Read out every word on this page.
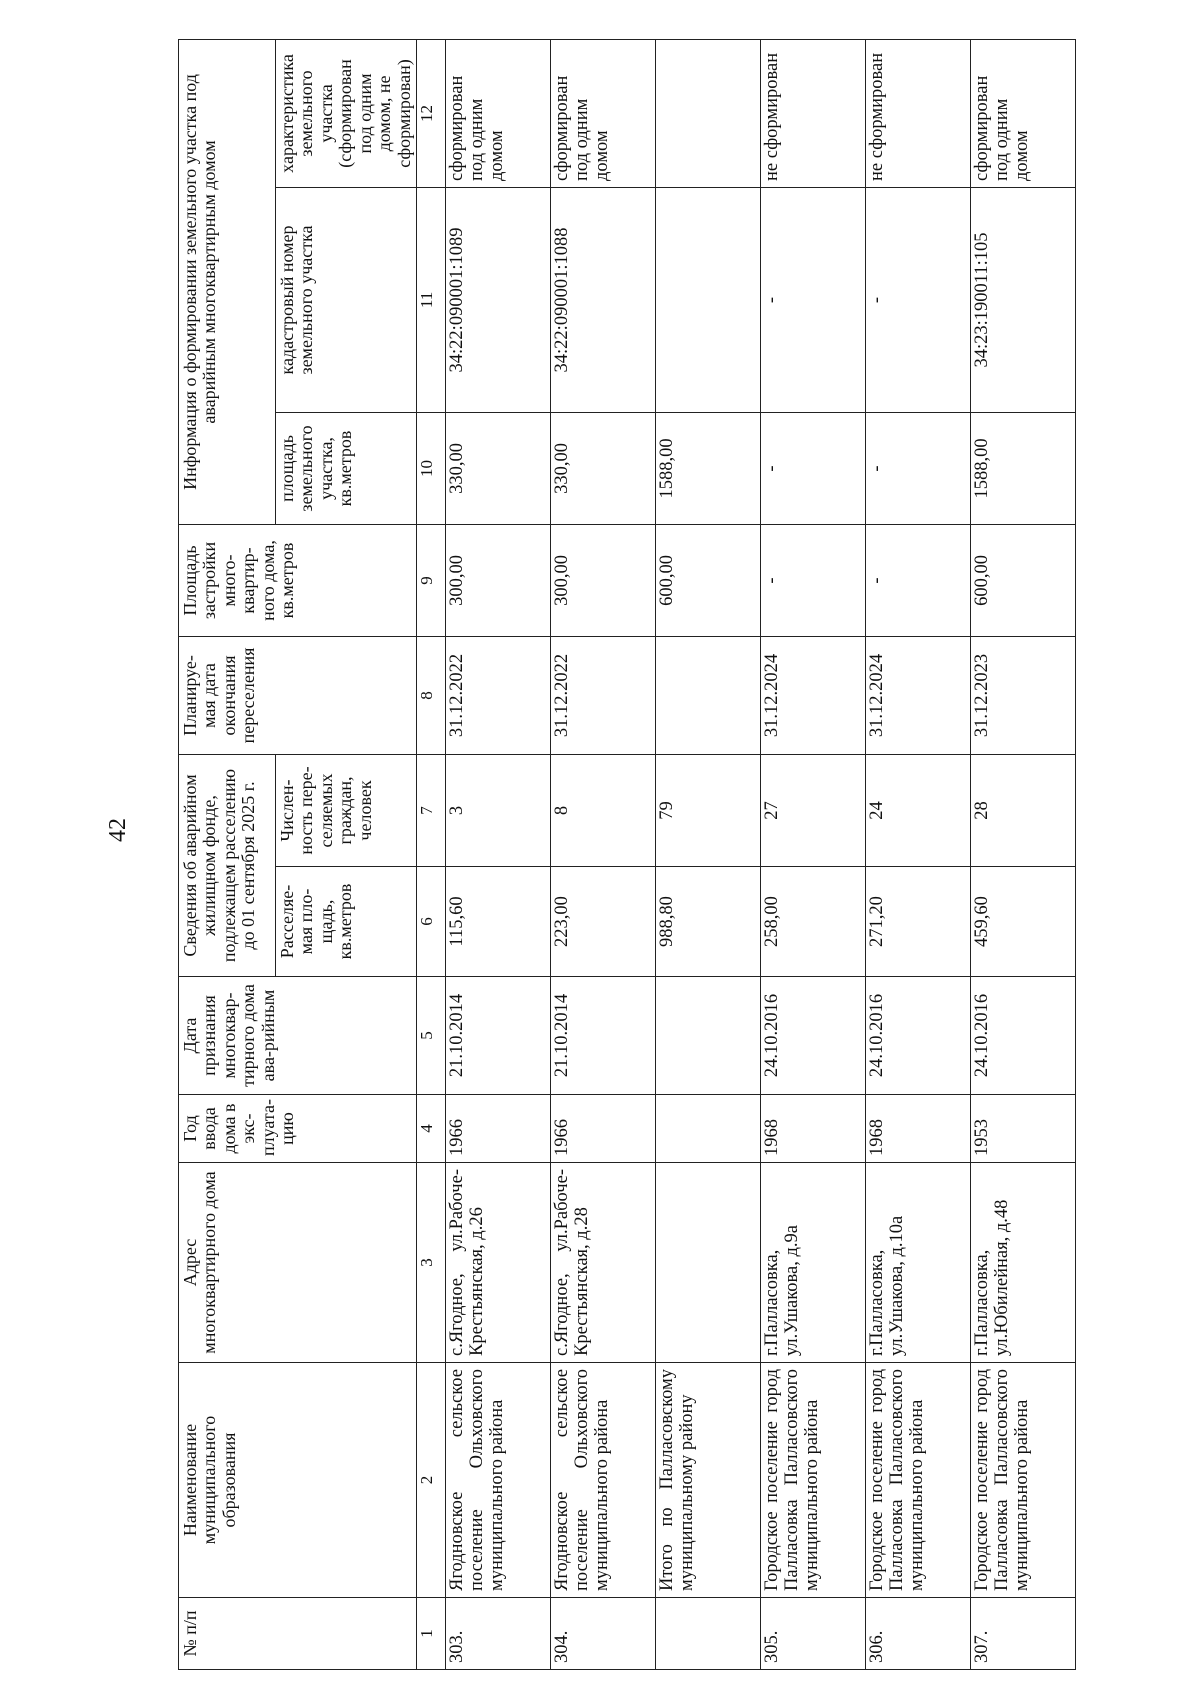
42
№ п/п	Наименование муниципального образования	Адрес многоквартирного дома	Год ввода дома в экс-плуата-цию	Дата признания многоквар-тирного дома ава-рийным	Сведения об аварийном жилищном фонде, подлежащем расселению до 01 сентября 2025 г.		Планируе-мая дата окончания переселения	Площадь застройки много-квартир-ного дома, кв.метров	Информация о формировании земельного участка под аварийным многоквартирным домом		
					Расселяе-мая пло-щадь, кв.метров	Числен-ность пере-селяемых граждан, человек			площадь земельного участка, кв.метров	кадастровый номер земельного участка	характеристика земельного участка (сформирован под одним домом, не сформирован)
1	2	3	4	5	6	7	8	9	10	11	12
303.	Ягодновское сельское поселение Ольховского муниципального района	с.Ягодное, ул.Рабоче-Крестьянская, д.26	1966	21.10.2014	115,60	3	31.12.2022	300,00	330,00	34:22:090001:1089	сформирован под одним домом
304.	Ягодновское сельское поселение Ольховского муниципального района	с.Ягодное, ул.Рабоче-Крестьянская, д.28	1966	21.10.2014	223,00	8	31.12.2022	300,00	330,00	34:22:090001:1088	сформирован под одним домом
	Итого по Палласовскому муниципальному району				988,80	79		600,00	1588,00		
305.	Городское поселение город Палласовка Палласовского муниципального района	г.Палласовка, ул.Ушакова, д.9а	1968	24.10.2016	258,00	27	31.12.2024	-	-	-	не сформирован
306.	Городское поселение город Палласовка Палласовского муниципального района	г.Палласовка, ул.Ушакова, д.10а	1968	24.10.2016	271,20	24	31.12.2024	-	-	-	не сформирован
307.	Городское поселение город Палласовка Палласовского муниципального района	г.Палласовка, ул.Юбилейная, д.48	1953	24.10.2016	459,60	28	31.12.2023	600,00	1588,00	34:23:190011:105	сформирован под одним домом
